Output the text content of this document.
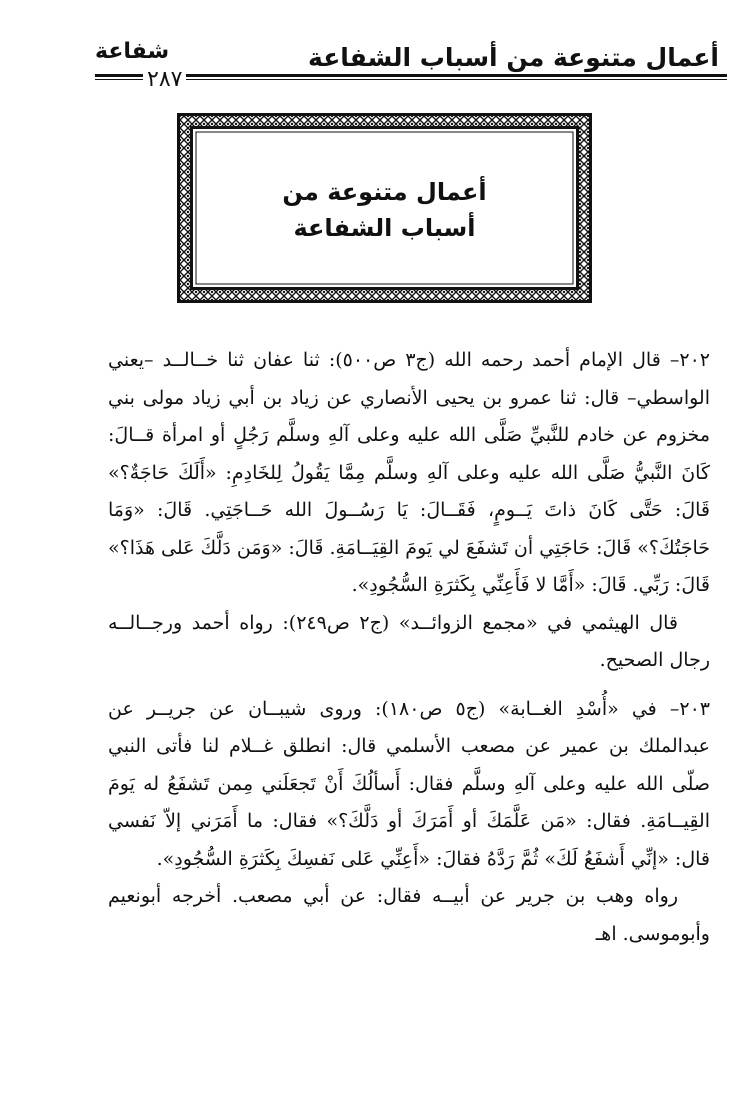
أعمال متنوعة من أسباب الشفاعة
شفاعة
٢٨٧
أعمال متنوعة من
أسباب الشفاعة

٢٠٢– قال الإمام أحمد رحمه الله (ج٣ ص٥٠٠): ثنا عفان ثنا خــالــد –يعني الواسطي– قال: ثنا عمرو بن يحيى الأنصاري عن زياد بن أبي زياد مولى بني مخزوم عن خادم للنَّبيِّ صَلَّى الله عليه وعلى آلهِ وسلَّم رَجُلٍ أو امرأة قــالَ: كَانَ النَّبيُّ صَلَّى الله عليه وعلى آلهِ وسلَّم مِمَّا يَقُولُ لِلخَادِمِ: «أَلَكَ حَاجَةٌ؟» قَالَ: حَتَّى كَانَ ذاتَ يَــومٍ، فَقَــالَ: يَا رَسُــولَ الله حَــاجَتِي. قَالَ: «وَمَا حَاجَتُكَ؟» قَالَ: حَاجَتِي أن تَشفَعَ لي يَومَ القِيَــامَةِ. قَالَ: «وَمَن دَلَّكَ عَلى هَذَا؟» قَالَ: رَبِّي. قَالَ: «أَمَّا لا فَأَعِنِّي بِكَثرَةِ السُّجُودِ».

قال الهيثمي في «مجمع الزوائــد» (ج٢ ص٢٤٩): رواه أحمد ورجــالــه رجال الصحيح.

٢٠٣– في «أُسْدِ الغــابة» (ج٥ ص١٨٠): وروى شيبــان عن جريــر عن عبدالملك بن عمير عن مصعب الأسلمي قال: انطلق غــلام لنا فأتى النبي صلّى الله عليه وعلى آلهِ وسلَّم فقال: أَسألُكَ أَنْ تَجعَلَني مِمن تَشفَعُ له يَومَ القِيــامَةِ. فقال: «مَن عَلَّمَكَ أو أَمَرَكَ أو دَلَّكَ؟» فقال: ما أَمَرَني إلاّ نَفسي قال: «إنِّي أَشفَعُ لَكَ» ثُمَّ رَدَّهُ فقالَ: «أَعِنِّي عَلى نَفسِكَ بِكَثرَةِ السُّجُودِ».

رواه وهب بن جرير عن أبيــه فقال: عن أبي مصعب. أخرجه أبونعيم وأبوموسى. اهـ
